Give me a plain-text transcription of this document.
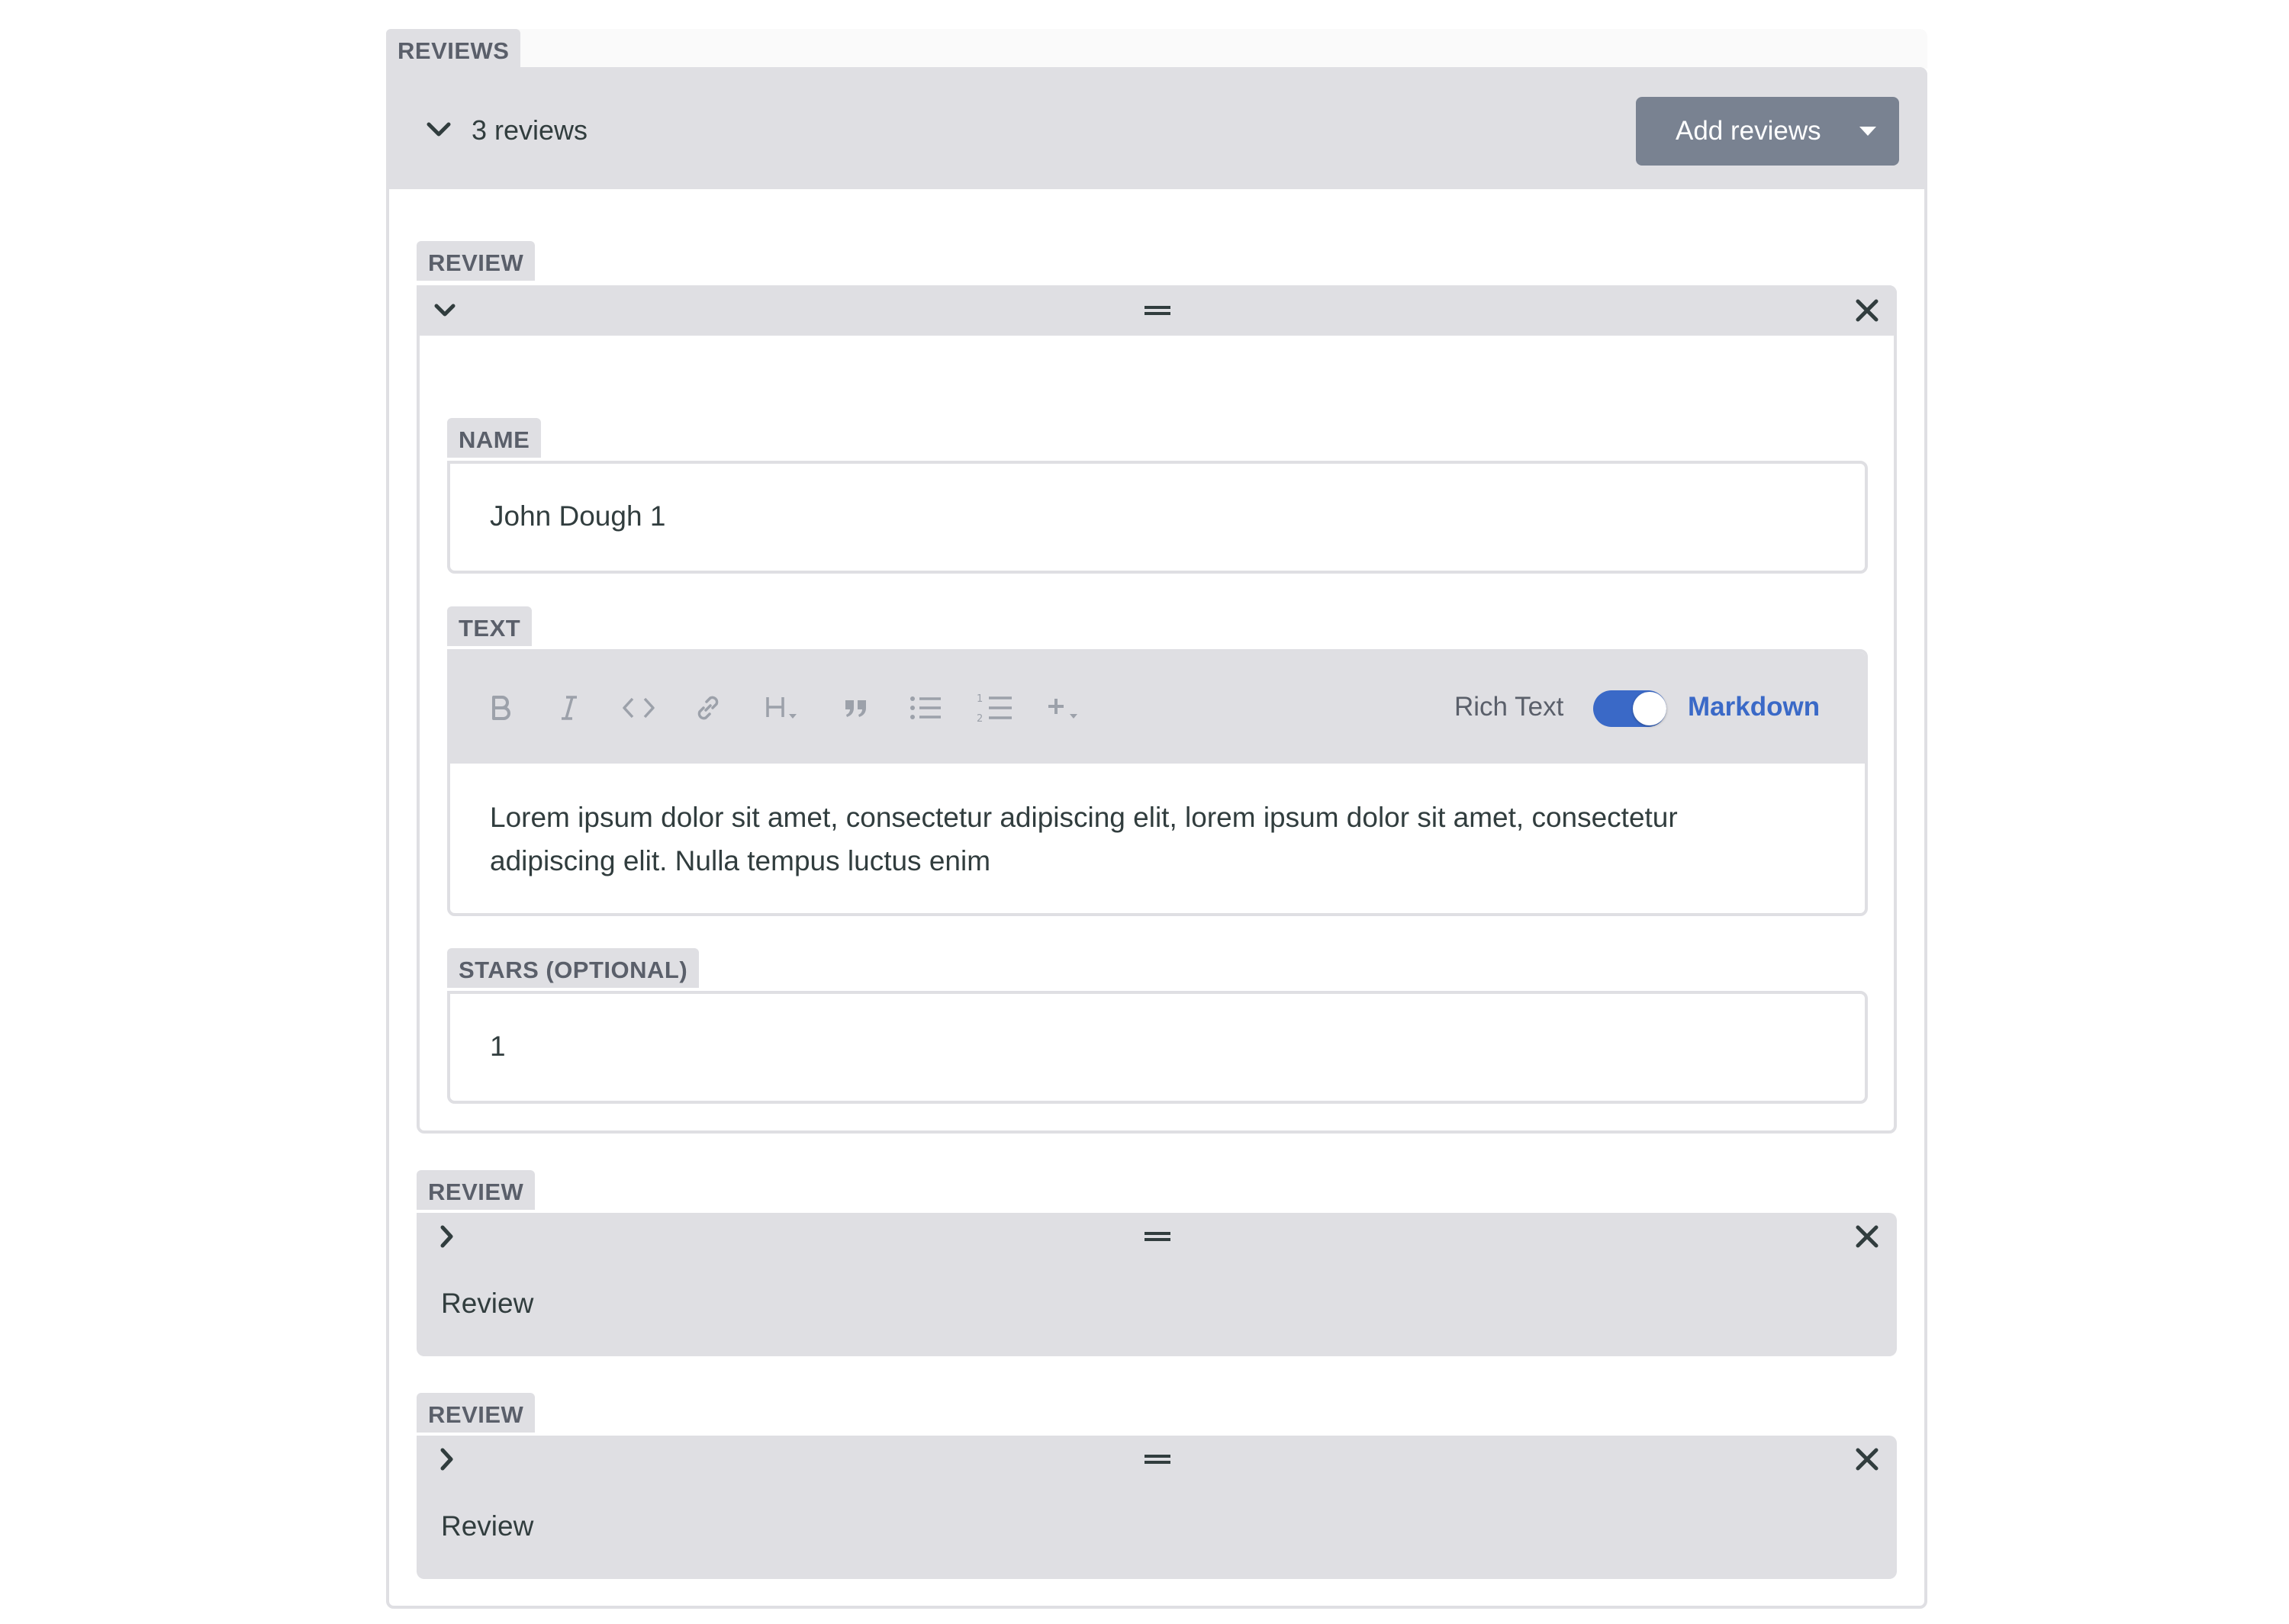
REVIEWS
3 reviews	Add reviews
REVIEW
NAME
John Dough 1
TEXT
1
2	Rich Text	Markdown
Lorem ipsum dolor sit amet, consectetur adipiscing elit, lorem ipsum dolor sit amet, consectetur adipiscing elit. Nulla tempus luctus enim
STARS (OPTIONAL)
1
REVIEW
Review
REVIEW
Review
